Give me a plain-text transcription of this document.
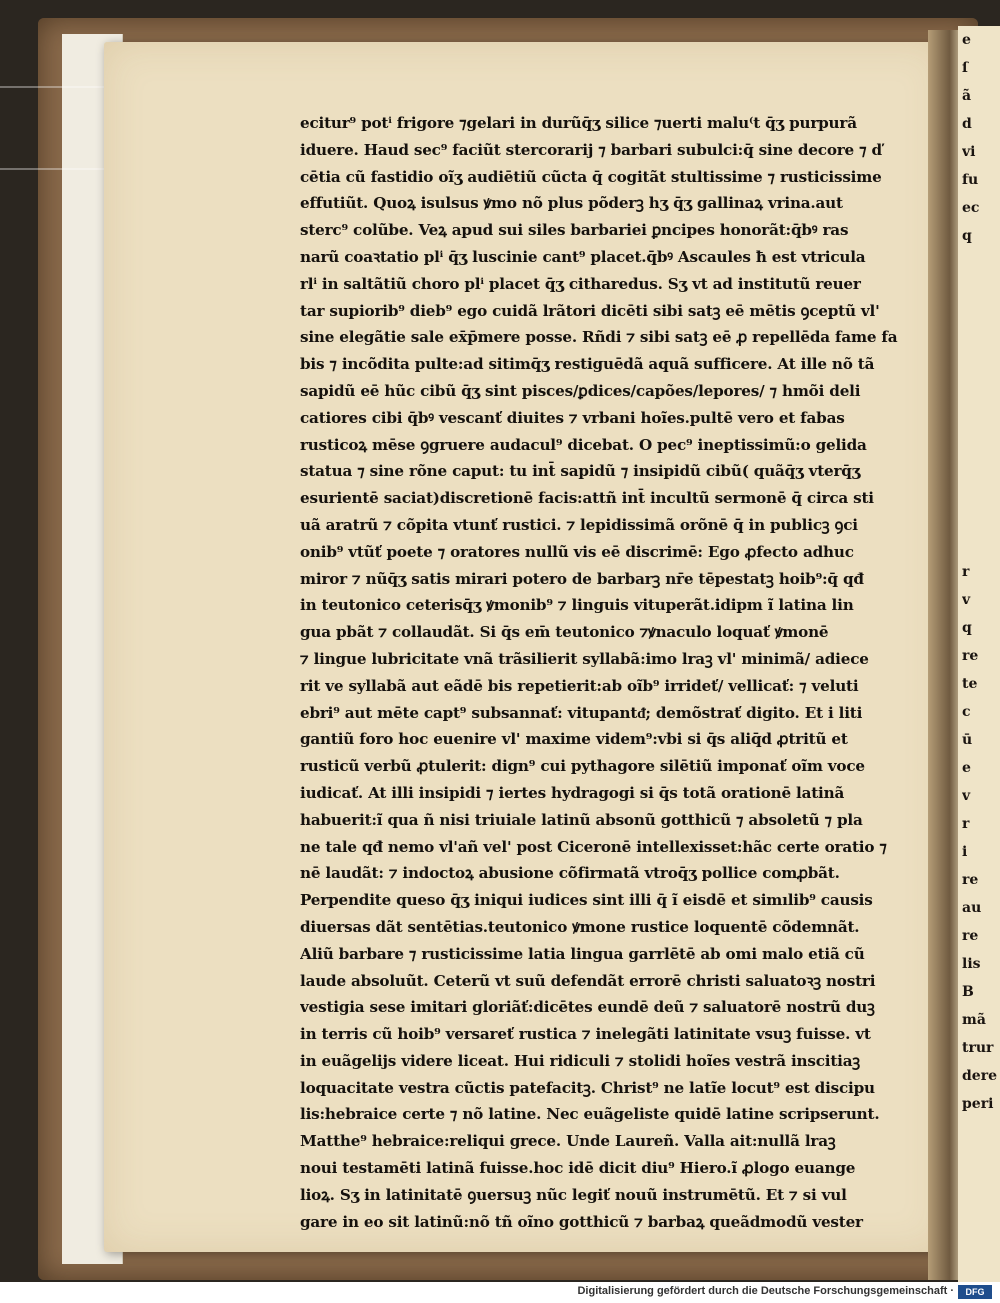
ecitur⁹ potⁱ frigore ⁊gelari in durũq̄ʒ silice ⁊uerti malu⁽t q̄ʒ purpurã
iduere. Haud sec⁹ faciũt stercorarij ⁊ barbari subulci:q̄ sine decore ⁊ ď
cētia cũ fastidio oĩʒ audiētiũ cũcta q̄ cogitãt stultissime ⁊ rusticissime
effutiũt. Quoꝝ isulsus ꝟmo nõ plus põderꝫ hʒ q̄ʒ gallinaꝝ vrina.aut
sterc⁹ colũbe. Veꝝ apud sui siles barbariei ꝑncipes honorãt:q̄bꝰ ras
narũ coaꝛtatio plⁱ q̄ʒ luscinie cant⁹ placet.q̄bꝰ Ascaules ħ est vtricula
rlⁱ in saltãtiũ choro plⁱ placet q̄ʒ citharedus. Sʒ vt ad institutũ reuer
tar supiorib⁹ dieb⁹ ego cuidã lrãtori dicēti sibi satꝫ eē mētis ꝯceptũ vl'
sine elegãtie sale ex̄p̄mere posse. Rñdi ⁊ sibi satꝫ eē ꝓ repellēda fame fa
bis ⁊ incõdita pulte:ad sitimq̄ʒ restiguēdã aquã sufficere. At ille nõ tã
sapidũ eē hũc cibũ q̄ʒ sint pisces/ꝑdices/capões/lepores/ ⁊ hmõi deli
catiores cibi q̄bꝰ vescanť diuites ⁊ vrbani hoĩes.pultē vero et fabas
rusticoꝝ mēse ꝯgruere audacul⁹ dicebat. O pec⁹ ineptissimũ:o gelida
statua ⁊ sine rõne caput: tu int̄ sapidũ ⁊ insipidũ cibũ( quãq̄ʒ vterq̄ʒ
esurientē saciat)discretionē facis:attñ int̄ incultũ sermonē q̄ circa sti
uã aratrũ ⁊ cõpita vtunť rustici. ⁊ lepidissimã orõnē q̄ in publicꝫ ꝯci
onib⁹ vtũť poete ⁊ oratores nullũ vis eē discrimē: Ego ꝓfecto adhuc
miror ⁊ nũq̄ʒ satis mirari potero de barbarꝫ nr̄e tēpestatꝫ hoib⁹:q̄ qđ
in teutonico ceterisq̄ʒ ꝟmonib⁹ ⁊ linguis vituperãt.idipm ĩ latina lin
gua pbãt ⁊ collaudãt. Si q̄s em̄ teutonico ⁊ꝟnaculo loquať ꝟmonē
⁊ lingue lubricitate vnã trãsilierit syllabã:imo lraꝫ vl' minimã/ adiece
rit ve syllabã aut eãdē bis repetierit:ab oĩb⁹ irrideť/ vellicať: ⁊ veluti
ebri⁹ aut mēte capt⁹ subsannať: vitupantᵭ; demõstrať digito. Et i liti
gantiũ foro hoc euenire vl' maxime videm⁹:vbi si q̄s aliq̄d ꝓtritũ et
rusticũ verbũ ꝓtulerit: dign⁹ cui pythagore silētiũ imponať oĩm voce
iudicať. At illi insipidi ⁊ iertes hydragogi si q̄s totã orationē latinã
habuerit:ĩ qua ñ nisi triuiale latinũ absonũ gotthicũ ⁊ absoletũ ⁊ pla
ne tale qđ nemo vl'añ vel' post Ciceronē intellexisset:hãc certe oratio ⁊
nē laudãt: ⁊ indoctoꝝ abusione cõfirmatã vtroq̄ʒ pollice comꝓbãt.
Perpendite queso q̄ʒ iniqui iudices sint illi q̄ ĩ eisdē et simılib⁹ causis
diuersas dãt sentētias.teutonico ꝟmone rustice loquentē cõdemnãt.
Aliũ barbare ⁊ rusticissime latia lingua garrlētē ab omi malo etiã cũ
laude absoluũt. Ceterũ vt suũ defendãt errorē christi saluatoꝛꝫ nostri
vestigia sese imitari gloriãť:dicētes eundē deũ ⁊ saluatorē nostrũ duꝫ
in terris cũ hoib⁹ versareť rustica ⁊ inelegãti latinitate vsuꝫ fuisse. vt
in euãgelijs videre liceat. Hui ridiculi ⁊ stolidi hoĩes vestrã inscitiaꝫ
loquacitate vestra cũctis patefacitꝫ. Christ⁹ ne latĩe locut⁹ est discipu
lis:hebraice certe ⁊ nõ latine. Nec euãgeliste quidē latine scripserunt.
Matthe⁹ hebraice:reliqui grece. Unde Laureñ. Valla ait:nullã lraꝫ
noui testamēti latinã fuisse.hoc idē dicit diu⁹ Hiero.ĩ ꝓlogo euange
lioꝝ. Sʒ in latinitatē ꝯuersuꝫ nũc legiť nouũ instrumētũ. Et ⁊ si vul
gare in eo sit latinũ:nõ tñ oĩno gotthicũ ⁊ barbaꝝ queãdmodũ vester
e
ſ
ã
d
vi
fu
ec
q
r
v
q
re
te
c
ū
e
v
r
i
re
au
re
lis
B
mã
trur
dere
peri
Digitalisierung gefördert durch die Deutsche Forschungsgemeinschaft ·	DFG
